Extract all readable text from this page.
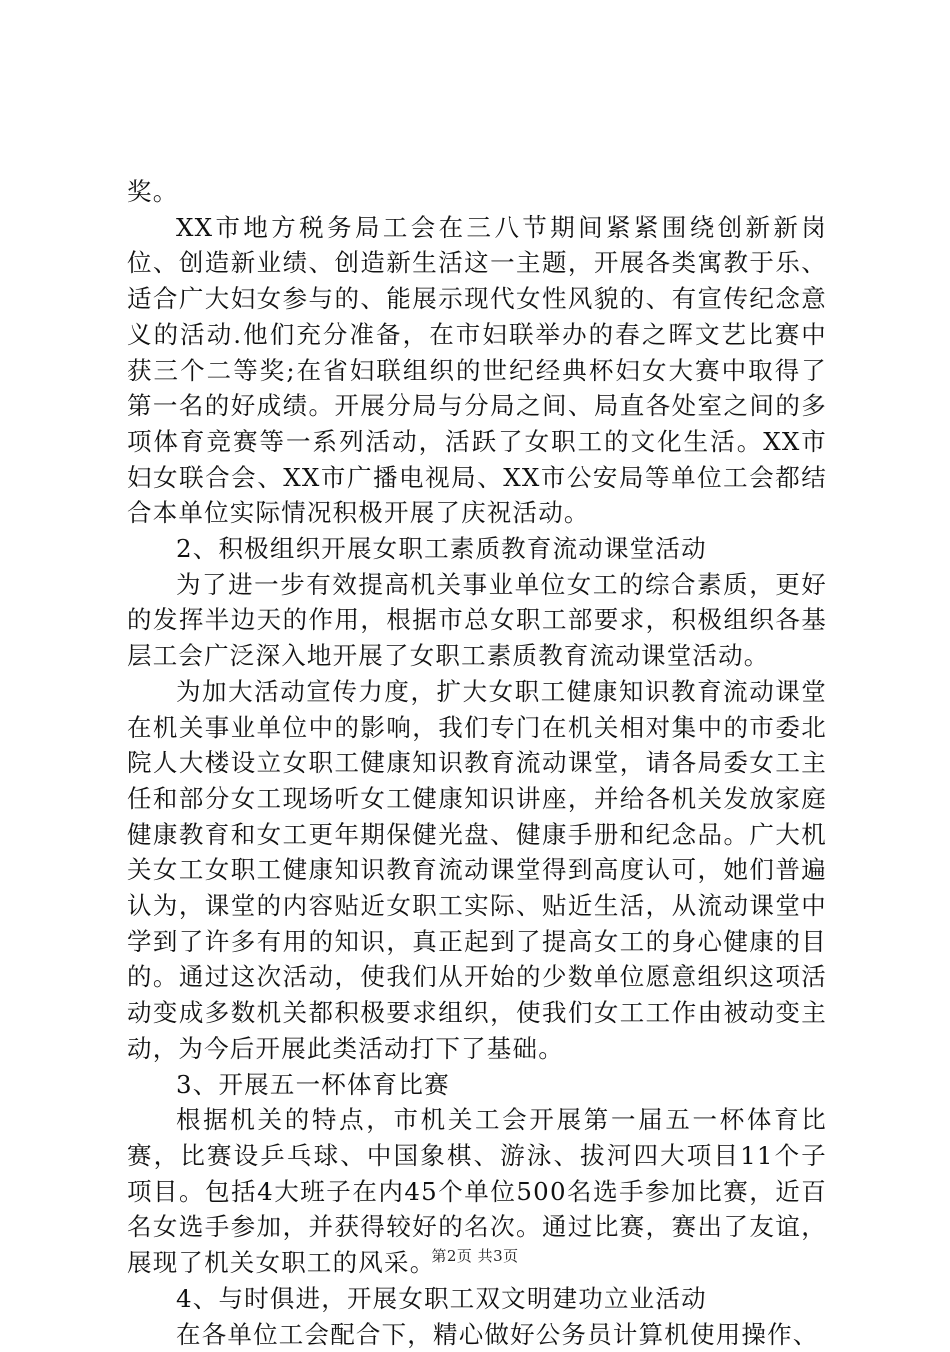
奖。

XX市地方税务局工会在三八节期间紧紧围绕创新新岗位、创造新业绩、创造新生活这一主题，开展各类寓教于乐、适合广大妇女参与的、能展示现代女性风貌的、有宣传纪念意义的活动.他们充分准备，在市妇联举办的春之晖文艺比赛中获三个二等奖;在省妇联组织的世纪经典杯妇女大赛中取得了第一名的好成绩。开展分局与分局之间、局直各处室之间的多项体育竞赛等一系列活动，活跃了女职工的文化生活。XX市妇女联合会、XX市广播电视局、XX市公安局等单位工会都结合本单位实际情况积极开展了庆祝活动。

2、积极组织开展女职工素质教育流动课堂活动

为了进一步有效提高机关事业单位女工的综合素质，更好的发挥半边天的作用，根据市总女职工部要求，积极组织各基层工会广泛深入地开展了女职工素质教育流动课堂活动。

为加大活动宣传力度，扩大女职工健康知识教育流动课堂在机关事业单位中的影响，我们专门在机关相对集中的市委北院人大楼设立女职工健康知识教育流动课堂，请各局委女工主任和部分女工现场听女工健康知识讲座，并给各机关发放家庭健康教育和女工更年期保健光盘、健康手册和纪念品。广大机关女工女职工健康知识教育流动课堂得到高度认可，她们普遍认为，课堂的内容贴近女职工实际、贴近生活，从流动课堂中学到了许多有用的知识，真正起到了提高女工的身心健康的目的。通过这次活动，使我们从开始的少数单位愿意组织这项活动变成多数机关都积极要求组织，使我们女工工作由被动变主动，为今后开展此类活动打下了基础。

3、开展五一杯体育比赛

根据机关的特点，市机关工会开展第一届五一杯体育比赛，比赛设乒乓球、中国象棋、游泳、拔河四大项目11个子项目。包括4大班子在内45个单位500名选手参加比赛，近百名女选手参加，并获得较好的名次。通过比赛，赛出了友谊，展现了机关女职工的风采。

4、与时俱进，开展女职工双文明建功立业活动

在各单位工会配合下，精心做好公务员计算机使用操作、

第2页 共3页
